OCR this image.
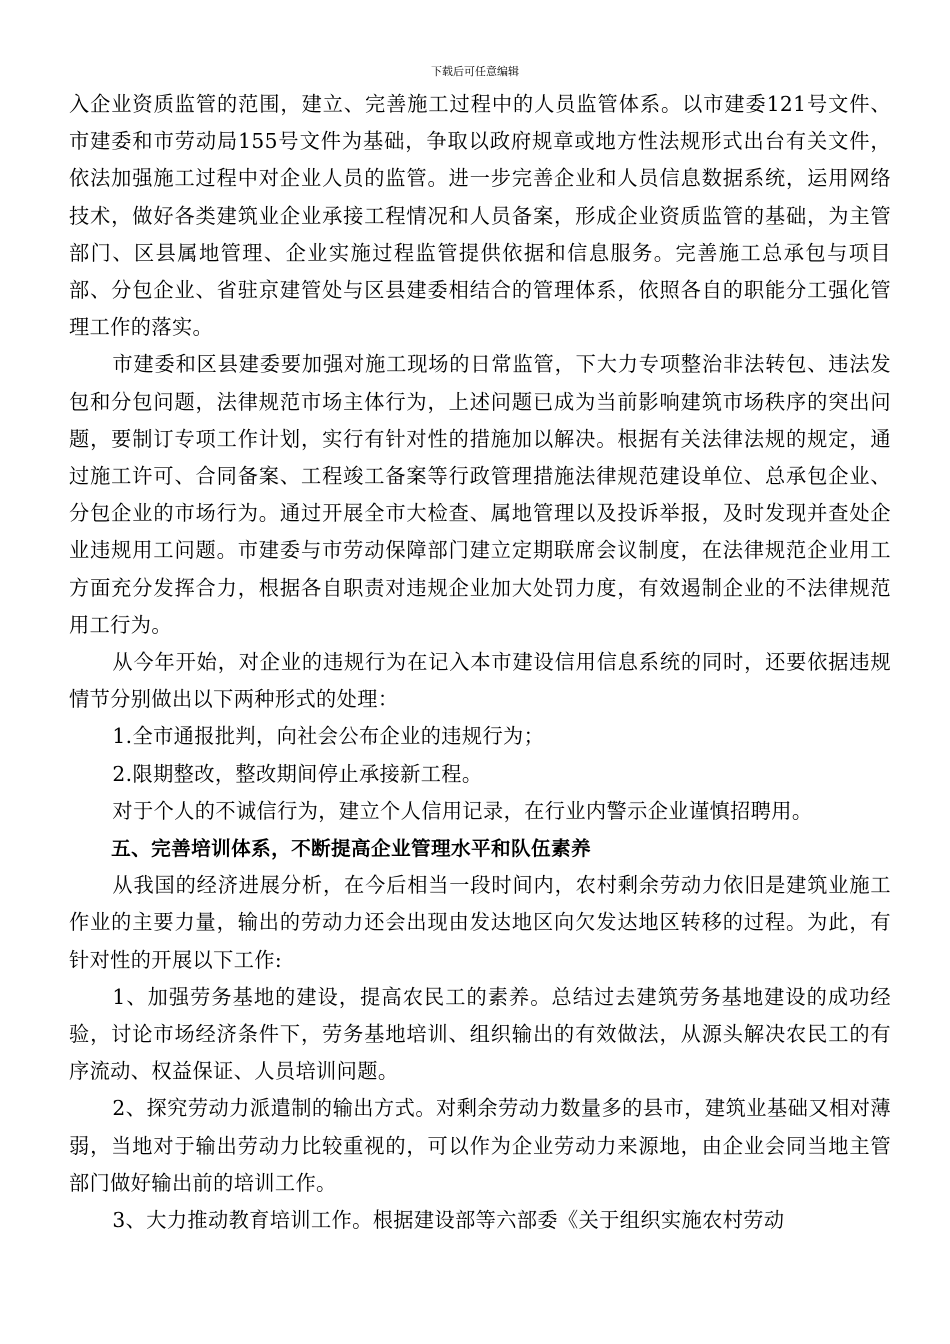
下载后可任意编辑

入企业资质监管的范围，建立、完善施工过程中的人员监管体系。以市建委121号文件、市建委和市劳动局155号文件为基础，争取以政府规章或地方性法规形式出台有关文件，依法加强施工过程中对企业人员的监管。进一步完善企业和人员信息数据系统，运用网络技术，做好各类建筑业企业承接工程情况和人员备案，形成企业资质监管的基础，为主管部门、区县属地管理、企业实施过程监管提供依据和信息服务。完善施工总承包与项目部、分包企业、省驻京建管处与区县建委相结合的管理体系，依照各自的职能分工强化管理工作的落实。

市建委和区县建委要加强对施工现场的日常监管，下大力专项整治非法转包、违法发包和分包问题，法律规范市场主体行为，上述问题已成为当前影响建筑市场秩序的突出问题，要制订专项工作计划，实行有针对性的措施加以解决。根据有关法律法规的规定，通过施工许可、合同备案、工程竣工备案等行政管理措施法律规范建设单位、总承包企业、分包企业的市场行为。通过开展全市大检查、属地管理以及投诉举报，及时发现并查处企业违规用工问题。市建委与市劳动保障部门建立定期联席会议制度，在法律规范企业用工方面充分发挥合力，根据各自职责对违规企业加大处罚力度，有效遏制企业的不法律规范用工行为。

从今年开始，对企业的违规行为在记入本市建设信用信息系统的同时，还要依据违规情节分别做出以下两种形式的处理：

1.全市通报批判，向社会公布企业的违规行为；

2.限期整改，整改期间停止承接新工程。

对于个人的不诚信行为，建立个人信用记录，在行业内警示企业谨慎招聘用。

五、完善培训体系，不断提高企业管理水平和队伍素养

从我国的经济进展分析，在今后相当一段时间内，农村剩余劳动力依旧是建筑业施工作业的主要力量，输出的劳动力还会出现由发达地区向欠发达地区转移的过程。为此，有针对性的开展以下工作:

1、加强劳务基地的建设，提高农民工的素养。总结过去建筑劳务基地建设的成功经验，讨论市场经济条件下，劳务基地培训、组织输出的有效做法，从源头解决农民工的有序流动、权益保证、人员培训问题。

2、探究劳动力派遣制的输出方式。对剩余劳动力数量多的县市，建筑业基础又相对薄弱，当地对于输出劳动力比较重视的，可以作为企业劳动力来源地，由企业会同当地主管部门做好输出前的培训工作。

3、大力推动教育培训工作。根据建设部等六部委《关于组织实施农村劳动
